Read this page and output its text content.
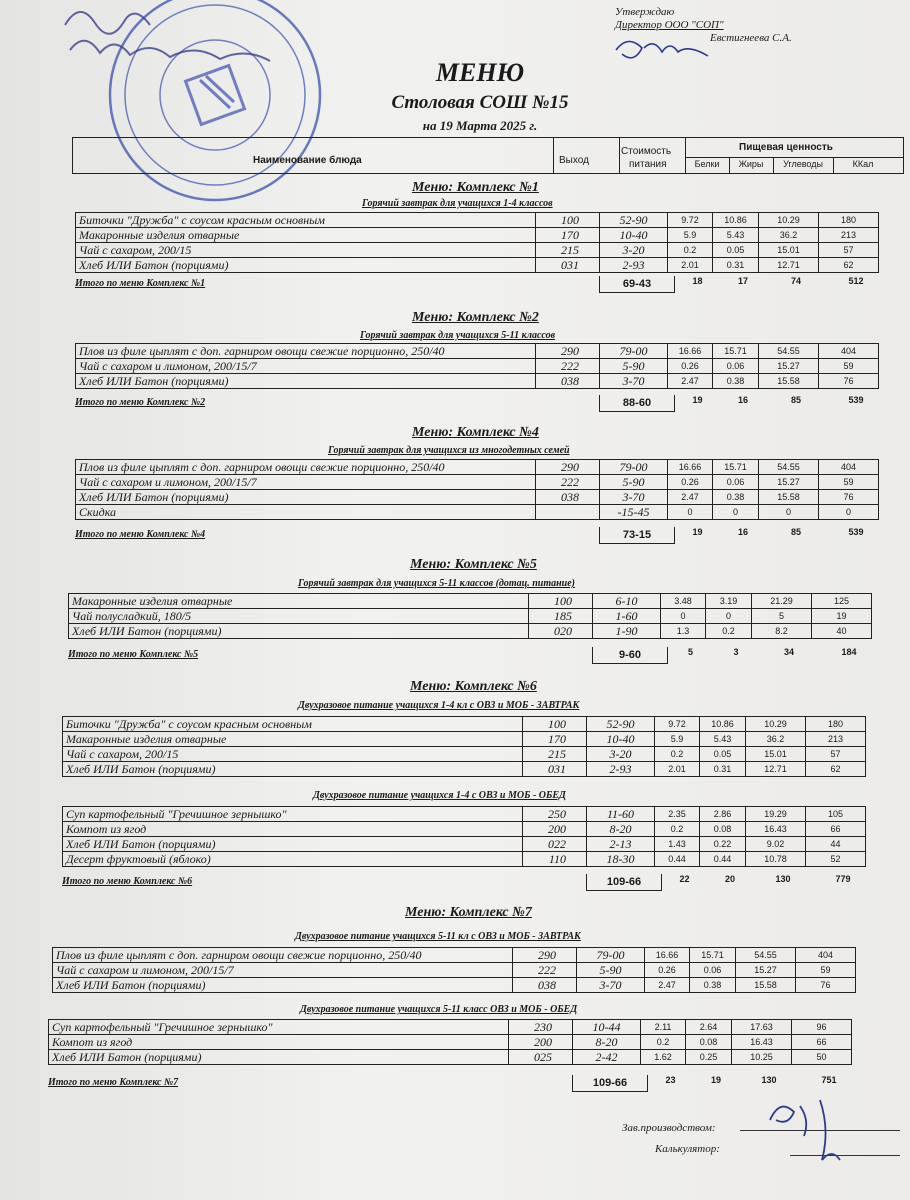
Утверждаю
Директор ООО "СОП"
Евстигнеева С.А.
МЕНЮ
Столовая СОШ №15
на 19 Марта 2025 г.
Наименование блюда	Выход
Стоимость
питания
Пищевая ценность
Белки	Жиры	Углеводы	ККал
Меню: Комплекс №1
Горячий завтрак для учащихся 1-4 классов
Биточки "Дружба" с соусом красным основным	100	52-90	9.72	10.86	10.29	180
Макаронные изделия отварные	170	10-40	5.9	5.43	36.2	213
Чай с сахаром, 200/15	215	3-20	0.2	0.05	15.01	57
Хлеб ИЛИ Батон (порциями)	031	2-93	2.01	0.31	12.71	62
Итого по меню Комплекс №1	69-43	18	17	74	512
Меню: Комплекс №2
Горячий завтрак для учащихся 5-11 классов
Плов из филе цыплят с доп. гарниром овощи свежие порционно, 250/40	290	79-00	16.66	15.71	54.55	404
Чай с сахаром и лимоном, 200/15/7	222	5-90	0.26	0.06	15.27	59
Хлеб ИЛИ Батон (порциями)	038	3-70	2.47	0.38	15.58	76
Итого по меню Комплекс №2	88-60	19	16	85	539
Меню: Комплекс №4
Горячий завтрак для учащихся из многодетных семей
Плов из филе цыплят с доп. гарниром овощи свежие порционно, 250/40	290	79-00	16.66	15.71	54.55	404
Чай с сахаром и лимоном, 200/15/7	222	5-90	0.26	0.06	15.27	59
Хлеб ИЛИ Батон (порциями)	038	3-70	2.47	0.38	15.58	76
Скидка		-15-45	0	0	0	0
Итого по меню Комплекс №4	73-15	19	16	85	539
Меню: Комплекс №5
Горячий завтрак для учащихся 5-11 классов (дотац. питание)
Макаронные изделия отварные	100	6-10	3.48	3.19	21.29	125
Чай полусладкий, 180/5	185	1-60	0	0	5	19
Хлеб ИЛИ Батон (порциями)	020	1-90	1.3	0.2	8.2	40
Итого по меню Комплекс №5	9-60	5	3	34	184
Меню: Комплекс №6
Двухразовое питание учащихся 1-4 кл с ОВЗ и МОБ - ЗАВТРАК
Биточки "Дружба" с соусом красным основным	100	52-90	9.72	10.86	10.29	180
Макаронные изделия отварные	170	10-40	5.9	5.43	36.2	213
Чай с сахаром, 200/15	215	3-20	0.2	0.05	15.01	57
Хлеб ИЛИ Батон (порциями)	031	2-93	2.01	0.31	12.71	62
Двухразовое питание учащихся 1-4 с ОВЗ и МОБ - ОБЕД
Суп картофельный "Гречишное зернышко"	250	11-60	2.35	2.86	19.29	105
Компот из ягод	200	8-20	0.2	0.08	16.43	66
Хлеб ИЛИ Батон (порциями)	022	2-13	1.43	0.22	9.02	44
Десерт фруктовый (яблоко)	110	18-30	0.44	0.44	10.78	52
Итого по меню Комплекс №6	109-66	22	20	130	779
Меню: Комплекс №7
Двухразовое питание учащихся 5-11 кл с ОВЗ и МОБ - ЗАВТРАК
Плов из филе цыплят с доп. гарниром овощи свежие порционно, 250/40	290	79-00	16.66	15.71	54.55	404
Чай с сахаром и лимоном, 200/15/7	222	5-90	0.26	0.06	15.27	59
Хлеб ИЛИ Батон (порциями)	038	3-70	2.47	0.38	15.58	76
Двухразовое питание учащихся 5-11 класс ОВЗ и МОБ - ОБЕД
Суп картофельный "Гречишное зернышко"	230	10-44	2.11	2.64	17.63	96
Компот из ягод	200	8-20	0.2	0.08	16.43	66
Хлеб ИЛИ Батон (порциями)	025	2-42	1.62	0.25	10.25	50
Итого по меню Комплекс №7	109-66	23	19	130	751
Зав.производством:
Калькулятор:
